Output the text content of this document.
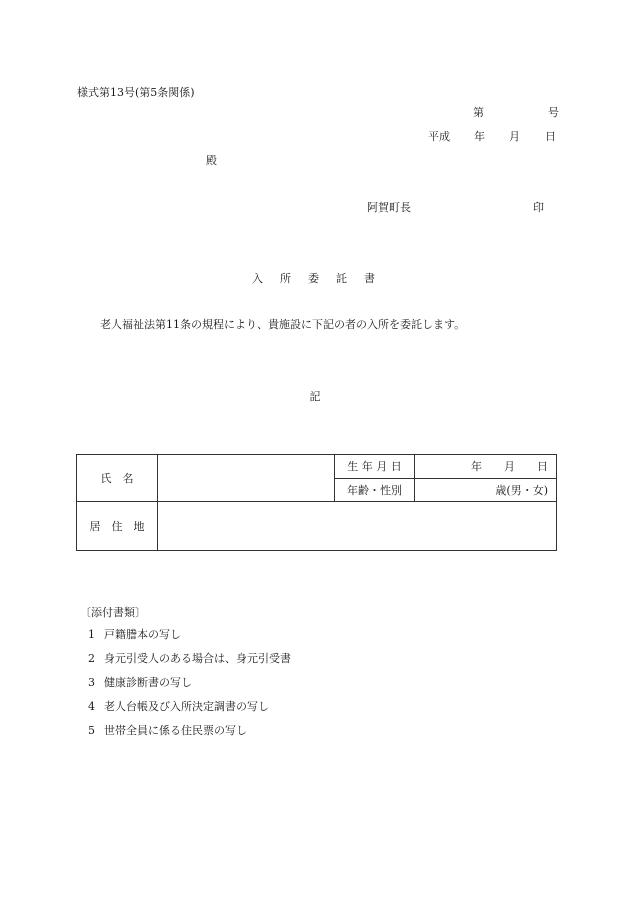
様式第13号(第5条関係)
第	号
平成 年 月 日
殿
阿賀町長	印
入　所　委　託　書
老人福祉法第11条の規程により、貴施設に下記の者の入所を委託します。
記
氏　名		生 年 月 日	年　　月　　日
		年齢・性別	歳(男・女)
居　住　地			
〔添付書類〕
1 戸籍謄本の写し
2 身元引受人のある場合は、身元引受書
3 健康診断書の写し
4 老人台帳及び入所決定調書の写し
5 世帯全員に係る住民票の写し
